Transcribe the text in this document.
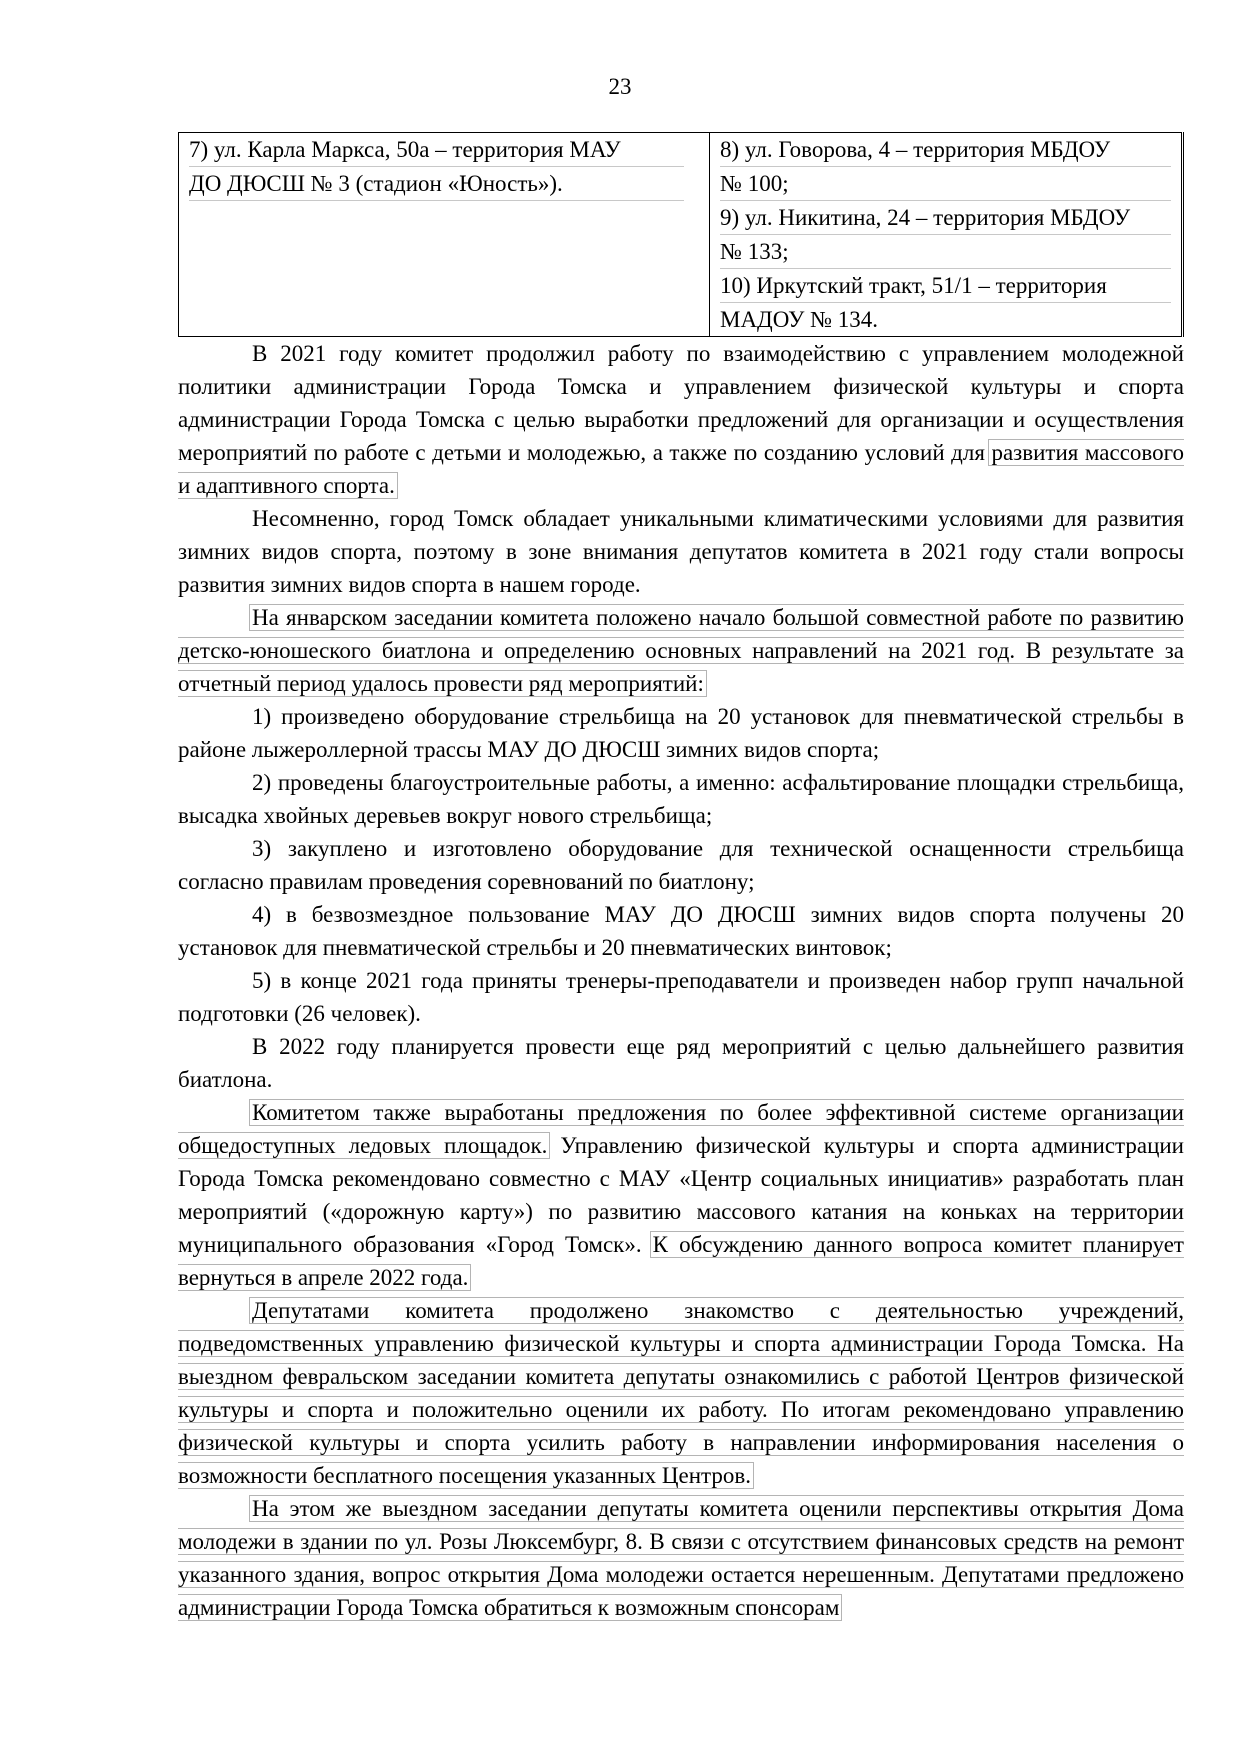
23
7) ул. Карла Маркса, 50а – территория МАУ
ДО ДЮСШ № 3 (стадион «Юность»).

8) ул. Говорова, 4 – территория МБДОУ
№ 100;
9) ул. Никитина, 24 – территория МБДОУ
№ 133;
10) Иркутский тракт, 51/1 – территория
МАДОУ № 134.

В 2021 году комитет продолжил работу по взаимодействию с управлением молодежной политики администрации Города Томска и управлением физической культуры и спорта администрации Города Томска с целью выработки предложений для организации и осуществления мероприятий по работе с детьми и молодежью, а также по созданию условий для развития массового и адаптивного спорта.

Несомненно, город Томск обладает уникальными климатическими условиями для развития зимних видов спорта, поэтому в зоне внимания депутатов комитета в 2021 году стали вопросы развития зимних видов спорта в нашем городе.

На январском заседании комитета положено начало большой совместной работе по развитию детско-юношеского биатлона и определению основных направлений на 2021 год. В результате за отчетный период удалось провести ряд мероприятий:

1) произведено оборудование стрельбища на 20 установок для пневматической стрельбы в районе лыжероллерной трассы МАУ ДО ДЮСШ зимних видов спорта;

2) проведены благоустроительные работы, а именно: асфальтирование площадки стрельбища, высадка хвойных деревьев вокруг нового стрельбища;

3) закуплено и изготовлено оборудование для технической оснащенности стрельбища согласно правилам проведения соревнований по биатлону;

4) в безвозмездное пользование МАУ ДО ДЮСШ зимних видов спорта получены 20 установок для пневматической стрельбы и 20 пневматических винтовок;

5) в конце 2021 года приняты тренеры-преподаватели и произведен набор групп начальной подготовки (26 человек).

В 2022 году планируется провести еще ряд мероприятий с целью дальнейшего развития биатлона.

Комитетом также выработаны предложения по более эффективной системе организации общедоступных ледовых площадок. Управлению физической культуры и спорта администрации Города Томска рекомендовано совместно с МАУ «Центр социальных инициатив» разработать план мероприятий («дорожную карту») по развитию массового катания на коньках на территории муниципального образования «Город Томск». К обсуждению данного вопроса комитет планирует вернуться в апреле 2022 года.

Депутатами комитета продолжено знакомство с деятельностью учреждений, подведомственных управлению физической культуры и спорта администрации Города Томска. На выездном февральском заседании комитета депутаты ознакомились с работой Центров физической культуры и спорта и положительно оценили их работу. По итогам рекомендовано управлению физической культуры и спорта усилить работу в направлении информирования населения о возможности бесплатного посещения указанных Центров.

На этом же выездном заседании депутаты комитета оценили перспективы открытия Дома молодежи в здании по ул. Розы Люксембург, 8. В связи с отсутствием финансовых средств на ремонт указанного здания, вопрос открытия Дома молодежи остается нерешенным. Депутатами предложено администрации Города Томска обратиться к возможным спонсорам
